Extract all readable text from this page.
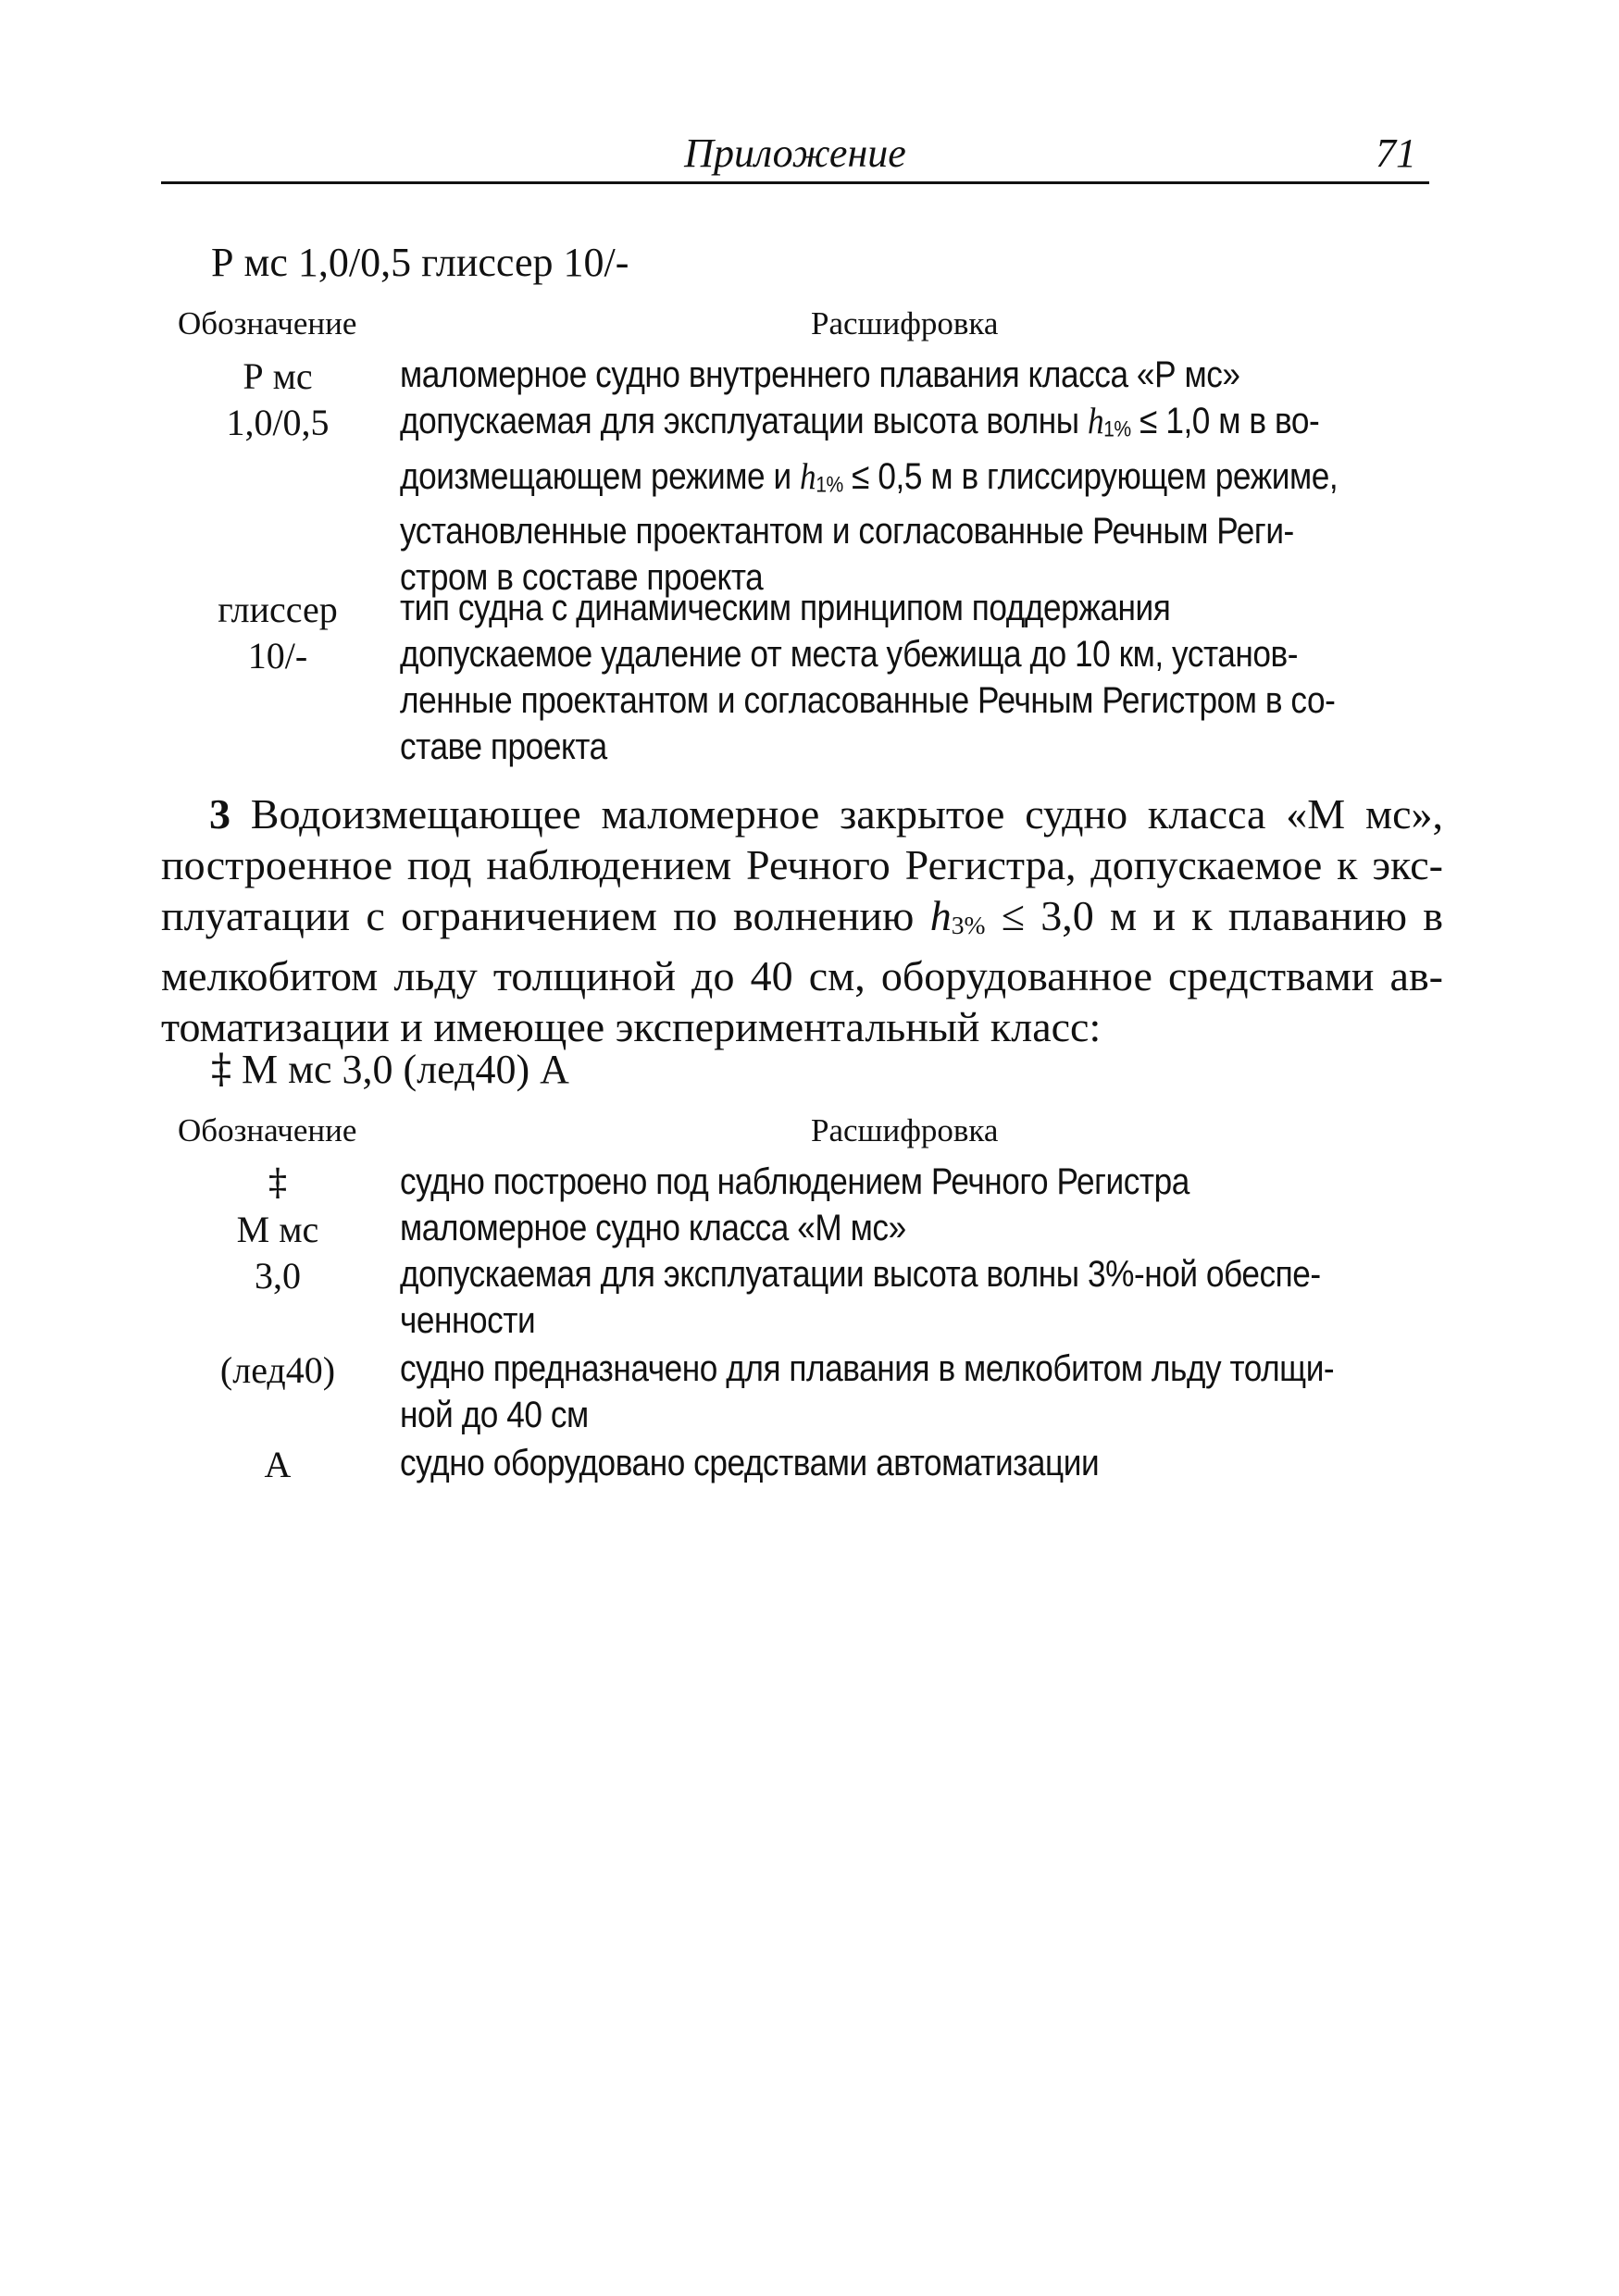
Приложение	71
Р мс 1,0/0,5 глиссер 10/-
Обозначение	Расшифровка
Р мс	маломерное судно внутреннего плавания класса «Р мс»
1,0/0,5	допускаемая для эксплуатации высота волны $h_{1\%} \le 1,0$ м в во-
доизмещающем режиме и $h_{1\%} \le 0,5$ м в глиссирующем режиме,
установленные проектантом и согласованные Речным Реги-
стром в составе проекта
глиссер	тип судна с динамическим принципом поддержания
10/-	допускаемое удаление от места убежища до 10 км, установ-
ленные проектантом и согласованные Речным Регистром в со-
ставе проекта
3 Водоизмещающее маломерное закрытое судно класса «М мс»,
построенное под наблюдением Речного Регистра, допускаемое к экс-
плуатации с ограничением по волнению $h_{3\%} \le 3,0$ м и к плаванию в
мелкобитом льду толщиной до 40 см, оборудованное средствами ав-
томатизации и имеющее экспериментальный класс:
‡ М мс 3,0 (лед40) А
Обозначение	Расшифровка
‡	судно построено под наблюдением Речного Регистра
М мс	маломерное судно класса «М мс»
3,0	допускаемая для эксплуатации высота волны 3%-ной обеспе-
ченности
(лед40)	судно предназначено для плавания в мелкобитом льду толщи-
ной до 40 см
А	судно оборудовано средствами автоматизации
